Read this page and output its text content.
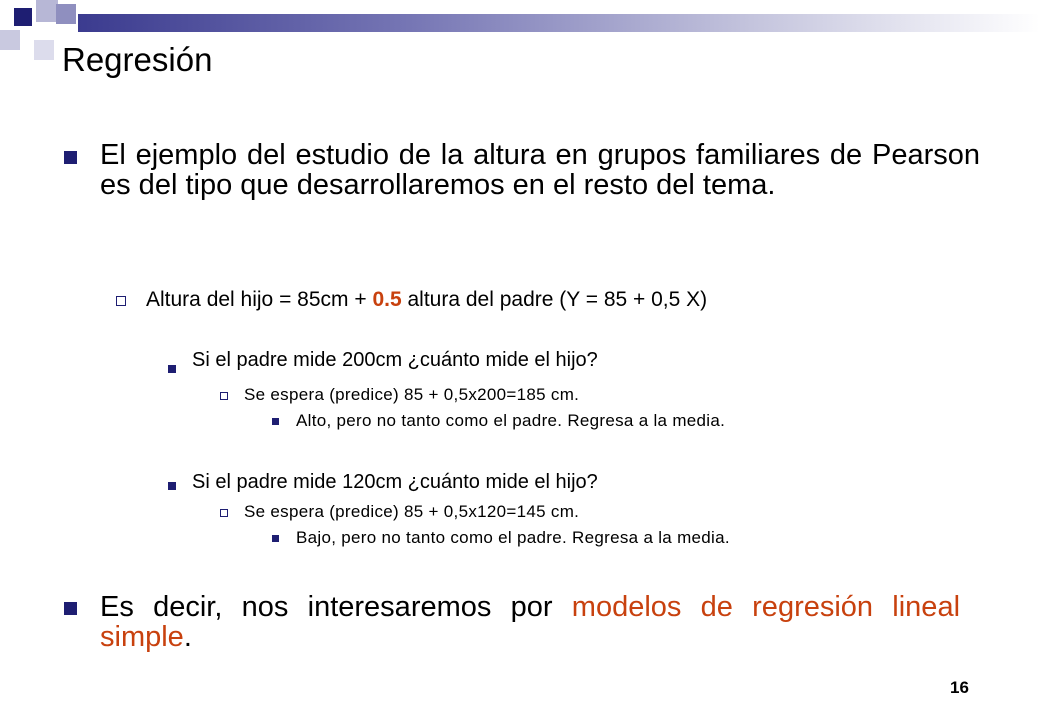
Regresión
El ejemplo del estudio de la altura en grupos familiares de Pearson es del tipo que desarrollaremos en el resto del tema.
Altura del hijo = 85cm + 0.5 altura del padre (Y = 85 + 0,5 X)
Si el padre mide 200cm ¿cuánto mide el hijo?
Se espera (predice) 85 + 0,5x200=185 cm.
Alto, pero no tanto como el padre. Regresa a la media.
Si el padre mide 120cm ¿cuánto mide el hijo?
Se espera (predice) 85 + 0,5x120=145 cm.
Bajo, pero no tanto como el padre. Regresa a la media.
Es decir, nos interesaremos por modelos de regresión lineal simple.
16
